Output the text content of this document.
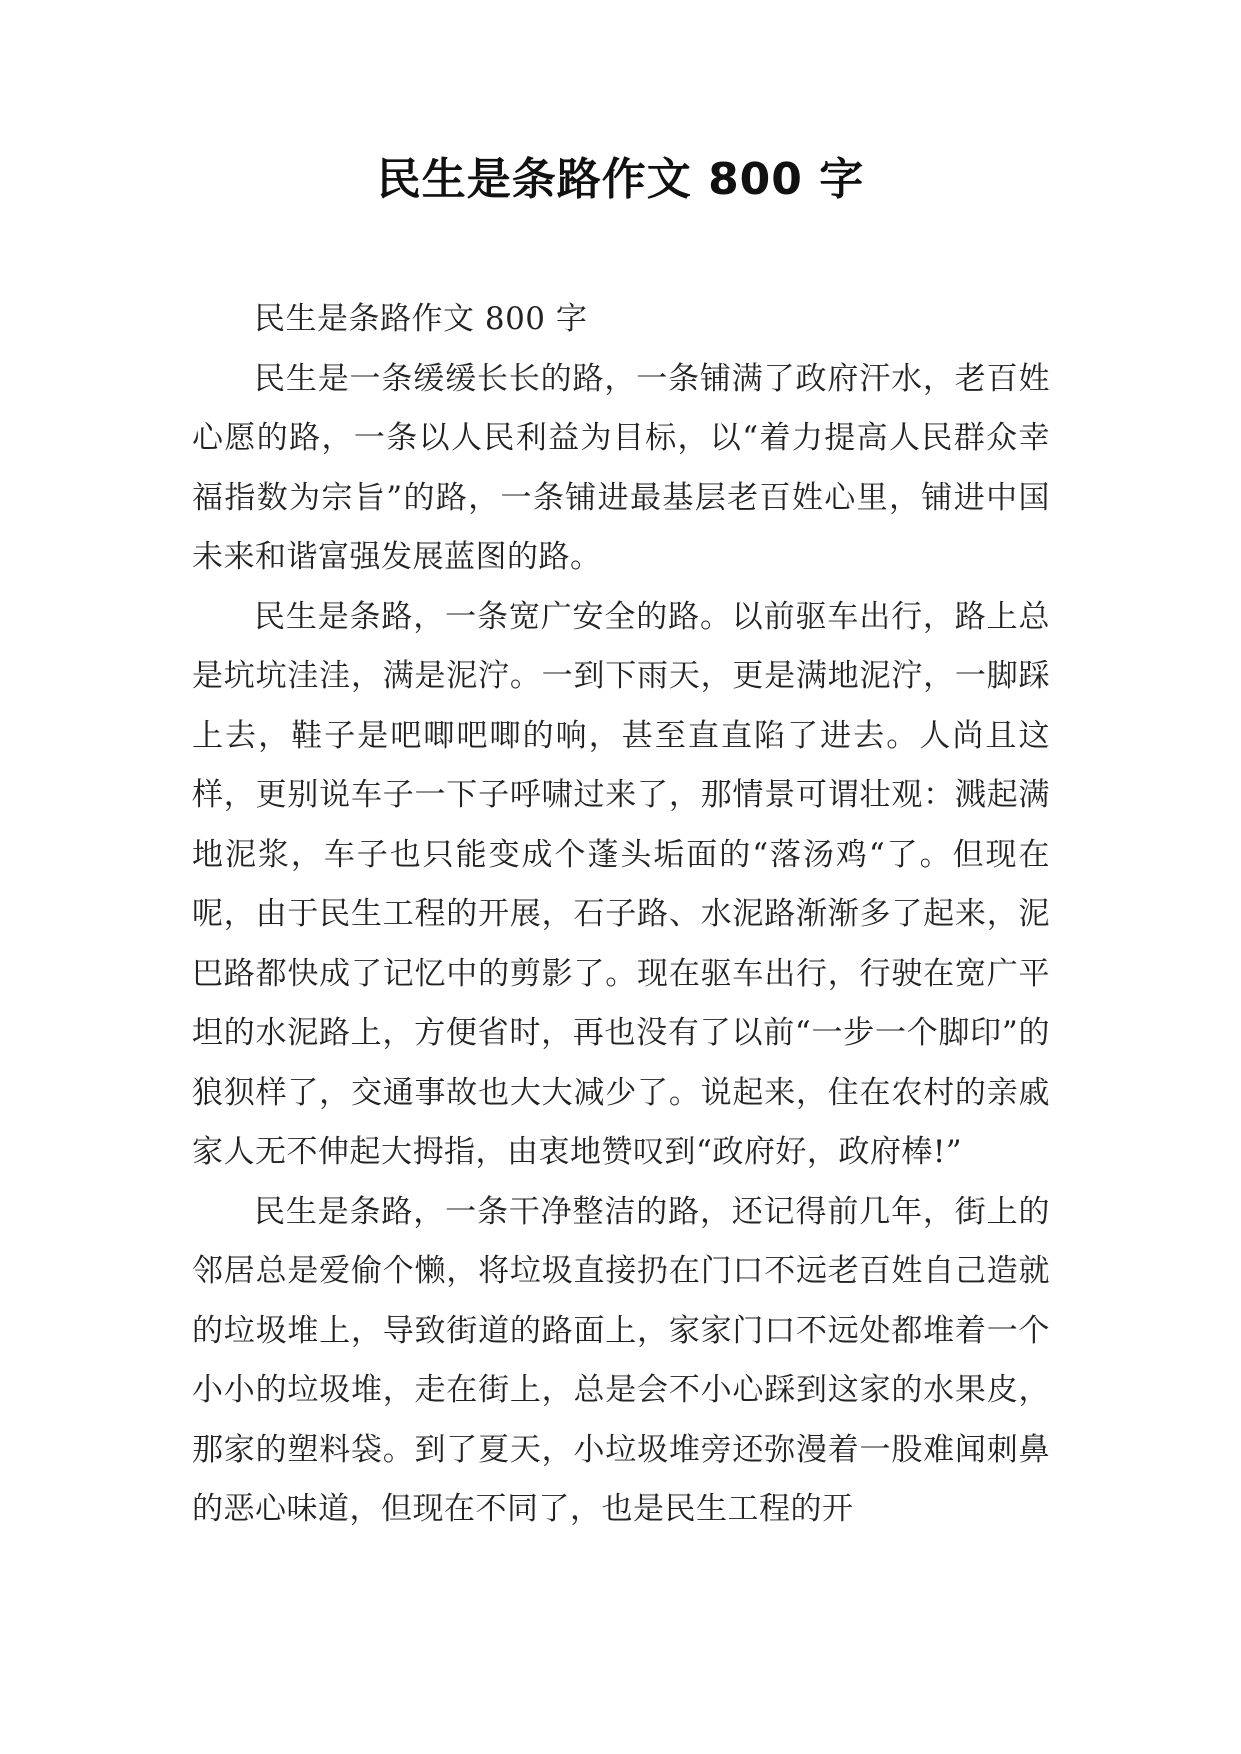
民生是条路作文 800 字

民生是条路作文 800 字

民生是一条缓缓长长的路，一条铺满了政府汗水，老百姓心愿的路，一条以人民利益为目标，以“着力提高人民群众幸福指数为宗旨”的路，一条铺进最基层老百姓心里，铺进中国未来和谐富强发展蓝图的路。

民生是条路，一条宽广安全的路。以前驱车出行，路上总是坑坑洼洼，满是泥泞。一到下雨天，更是满地泥泞，一脚踩上去，鞋子是吧唧吧唧的响，甚至直直陷了进去。人尚且这样，更别说车子一下子呼啸过来了，那情景可谓壮观：溅起满地泥浆，车子也只能变成个蓬头垢面的“落汤鸡“了。但现在呢，由于民生工程的开展，石子路、水泥路渐渐多了起来，泥巴路都快成了记忆中的剪影了。现在驱车出行，行驶在宽广平坦的水泥路上，方便省时，再也没有了以前“一步一个脚印”的狼狈样了，交通事故也大大减少了。说起来，住在农村的亲戚家人无不伸起大拇指，由衷地赞叹到“政府好，政府棒!”

民生是条路，一条干净整洁的路，还记得前几年，街上的邻居总是爱偷个懒，将垃圾直接扔在门口不远老百姓自己造就的垃圾堆上，导致街道的路面上，家家门口不远处都堆着一个小小的垃圾堆，走在街上，总是会不小心踩到这家的水果皮，那家的塑料袋。到了夏天，小垃圾堆旁还弥漫着一股难闻刺鼻的恶心味道，但现在不同了，也是民生工程的开
